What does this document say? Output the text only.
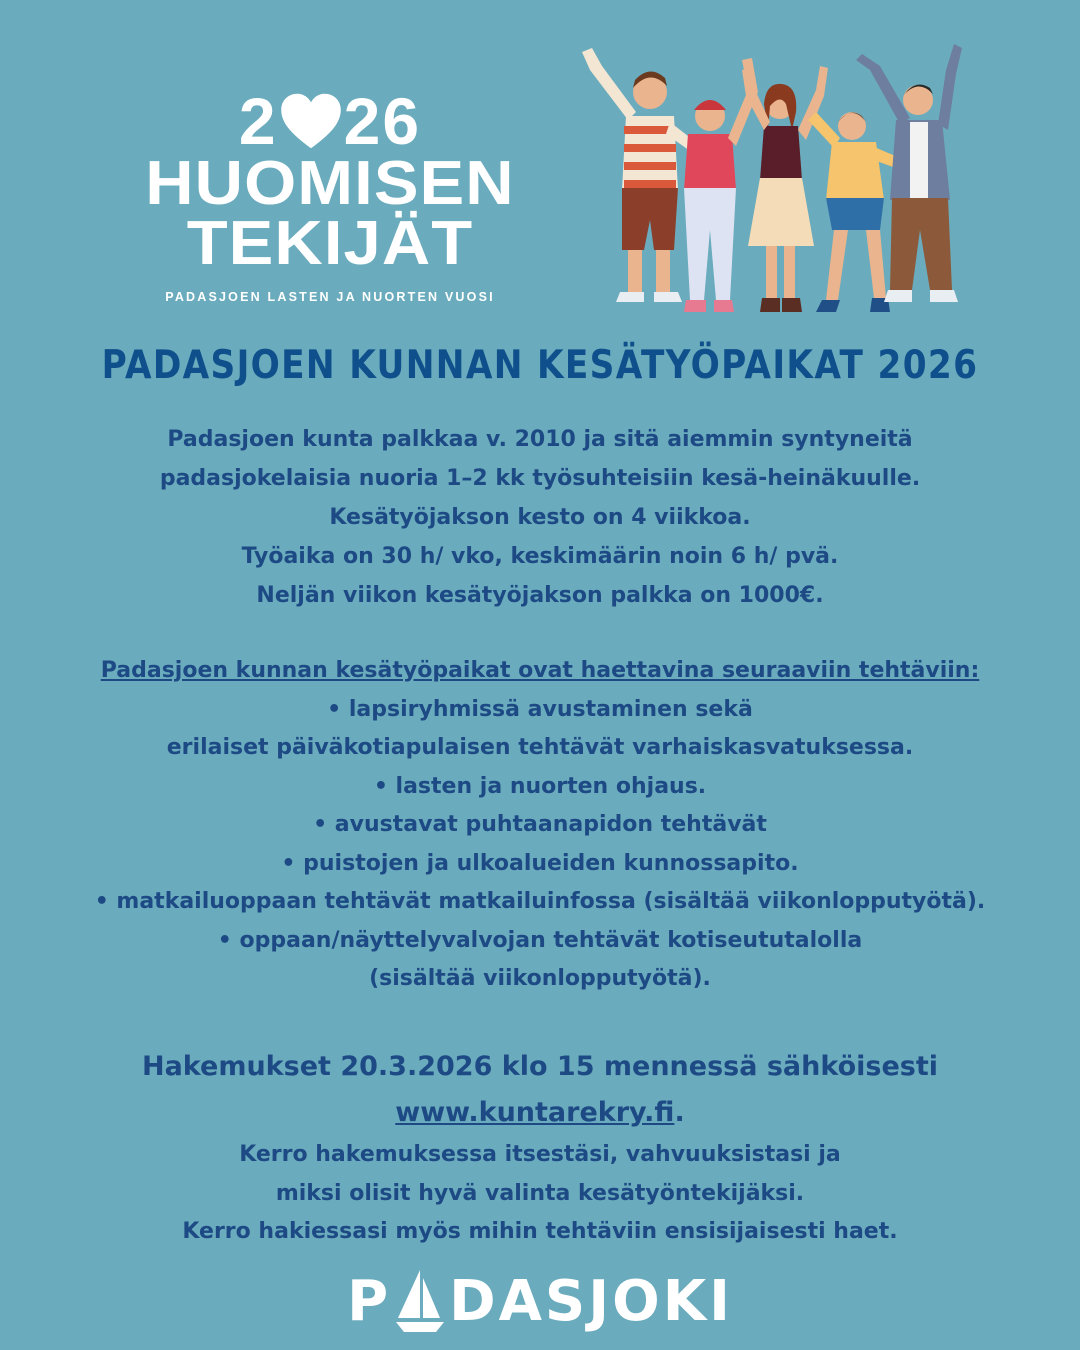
2 26
HUOMISEN
TEKIJÄT
PADASJOEN LASTEN JA NUORTEN VUOSI
PADASJOEN KUNNAN KESÄTYÖPAIKAT 2026
Padasjoen kunta palkkaa v. 2010 ja sitä aiemmin syntyneitä
padasjokelaisia nuoria 1–2 kk työsuhteisiin kesä-heinäkuulle.
Kesätyöjakson kesto on 4 viikkoa.
Työaika on 30 h/ vko, keskimäärin noin 6 h/ pvä.
Neljän viikon kesätyöjakson palkka on 1000€.
Padasjoen kunnan kesätyöpaikat ovat haettavina seuraaviin tehtäviin:
• lapsiryhmissä avustaminen sekä
erilaiset päiväkotiapulaisen tehtävät varhaiskasvatuksessa.
• lasten ja nuorten ohjaus.
• avustavat puhtaanapidon tehtävät
• puistojen ja ulkoalueiden kunnossapito.
• matkailuoppaan tehtävät matkailuinfossa (sisältää viikonlopputyötä).
• oppaan/näyttelyvalvojan tehtävät kotiseututalolla
(sisältää viikonlopputyötä).
Hakemukset 20.3.2026 klo 15 mennessä sähköisesti
www.kuntarekry.fi.
Kerro hakemuksessa itsestäsi, vahvuuksistasi ja
miksi olisit hyvä valinta kesätyöntekijäksi.
Kerro hakiessasi myös mihin tehtäviin ensisijaisesti haet.
P DASJOKI
